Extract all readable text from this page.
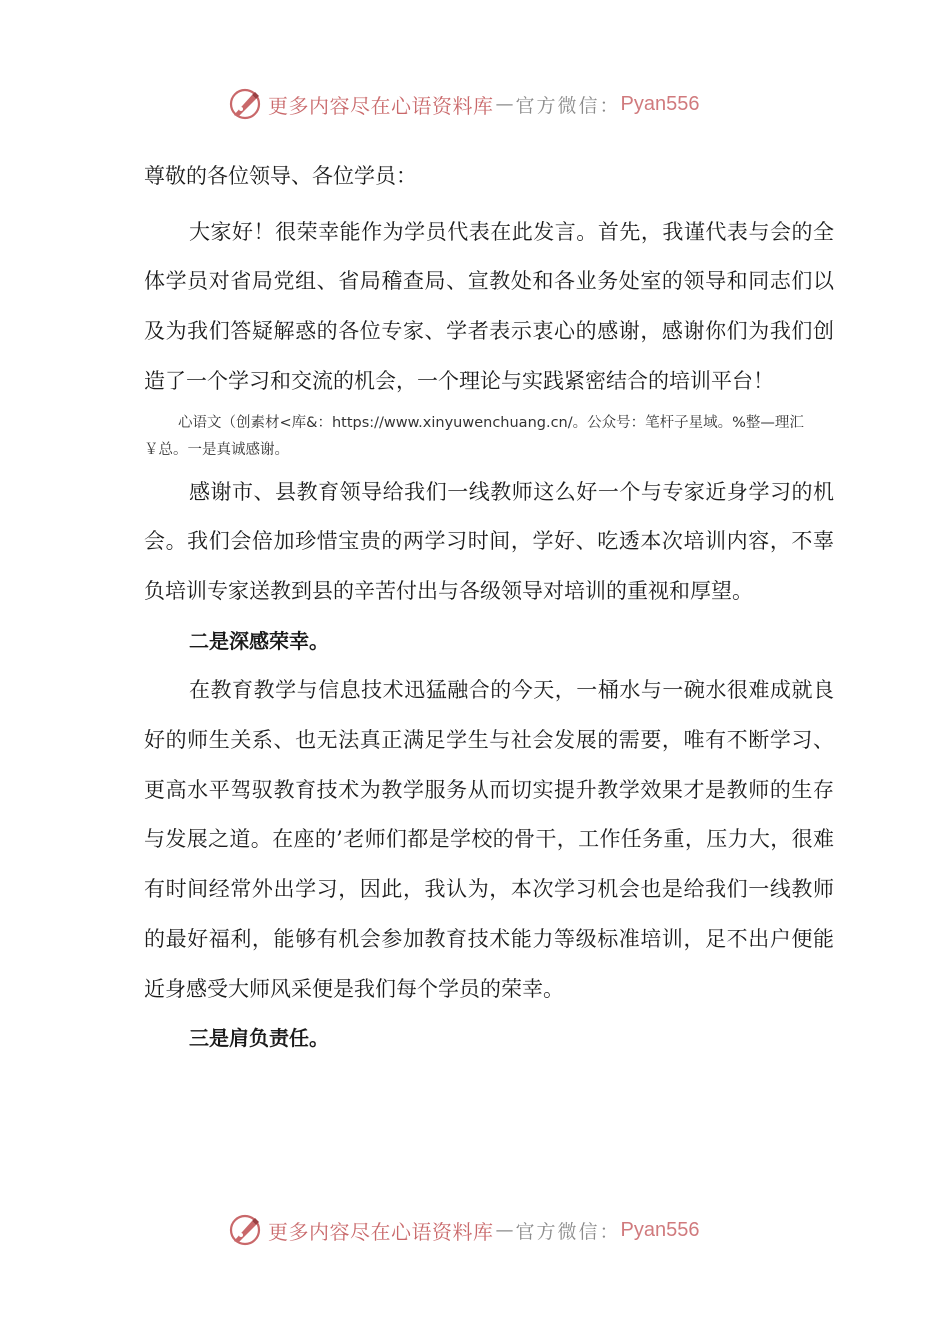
更多内容尽在心语资料库 — 官方微信： Pyan556

尊敬的各位领导、各位学员：

大家好！很荣幸能作为学员代表在此发言。首先，我谨代表与会的全体学员对省局党组、省局稽查局、宣教处和各业务处室的领导和同志们以及为我们答疑解惑的各位专家、学者表示衷心的感谢，感谢你们为我们创造了一个学习和交流的机会，一个理论与实践紧密结合的培训平台！

心语文（创素材<库&：https://www.xinyuwenchuang.cn/。公众号：笔杆子星域。%整—理汇￥总。一是真诚感谢。

感谢市、县教育领导给我们一线教师这么好一个与专家近身学习的机会。我们会倍加珍惜宝贵的两学习时间，学好、吃透本次培训内容，不辜负培训专家送教到县的辛苦付出与各级领导对培训的重视和厚望。

二是深感荣幸。

在教育教学与信息技术迅猛融合的今天，一桶水与一碗水很难成就良好的师生关系、也无法真正满足学生与社会发展的需要，唯有不断学习、更高水平驾驭教育技术为教学服务从而切实提升教学效果才是教师的生存与发展之道。在座的’老师们都是学校的骨干，工作任务重，压力大，很难有时间经常外出学习，因此，我认为，本次学习机会也是给我们一线教师的最好福利，能够有机会参加教育技术能力等级标准培训，足不出户便能近身感受大师风采便是我们每个学员的荣幸。

三是肩负责任。

更多内容尽在心语资料库 — 官方微信： Pyan556
